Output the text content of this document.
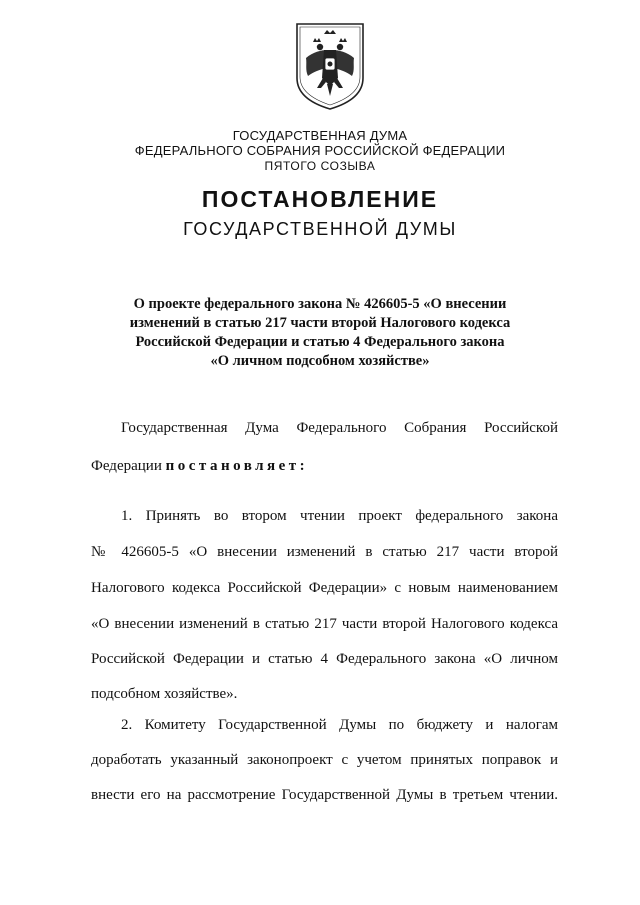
ГОСУДАРСТВЕННАЯ ДУМА
ФЕДЕРАЛЬНОГО СОБРАНИЯ РОССИЙСКОЙ ФЕДЕРАЦИИ
ПЯТОГО СОЗЫВА
ПОСТАНОВЛЕНИЕ
ГОСУДАРСТВЕННОЙ ДУМЫ
О проекте федерального закона № 426605-5 «О внесении
изменений в статью 217 части второй Налогового кодекса
Российской Федерации и статью 4 Федерального закона
«О личном подсобном хозяйстве»
Государственная Дума Федерального Собрания Российской
Федерации постановляет:
1. Принять во втором чтении проект федерального закона
№ 426605-5 «О внесении изменений в статью 217 части второй
Налогового кодекса Российской Федерации» с новым наименованием
«О внесении изменений в статью 217 части второй Налогового кодекса
Российской Федерации и статью 4 Федерального закона «О личном
подсобном хозяйстве».
2. Комитету Государственной Думы по бюджету и налогам
доработать указанный законопроект с учетом принятых поправок и
внести его на рассмотрение Государственной Думы в третьем чтении.
